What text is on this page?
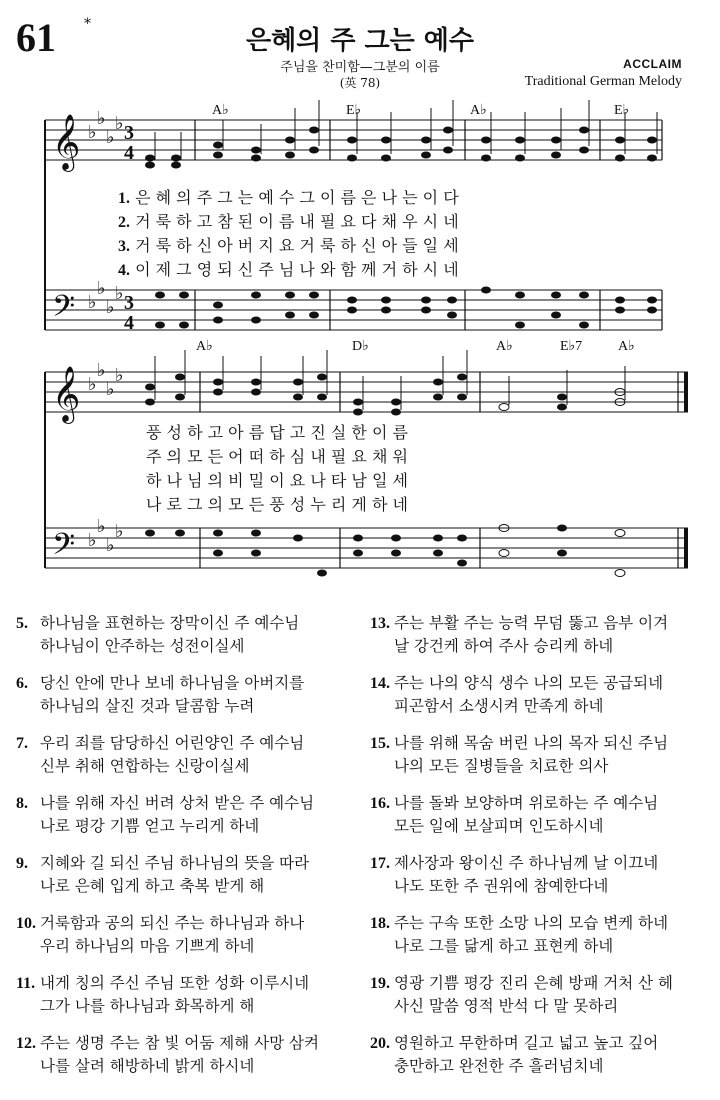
61 *
은혜의 주 그는 예수
주님을 찬미함—그분의 이름
(英 78)
ACCLAIM
Traditional German Melody
𝄞
𝄢
𝄞
𝄢
♭
♭
♭
♭
♭
♭
♭
♭
♭
♭
♭
♭
♭
♭
♭
♭
3
4
3
4
A♭	E♭	A♭	E♭
A♭	D♭	A♭	E♭7	A♭
1. 은 혜 의 주 그 는 예 수 그 이 름 은 나 는 이 다
2. 거 룩 하 고 참 된 이 름 내 필 요 다 채 우 시 네
3. 거 룩 하 신 아 버 지 요 거 룩 하 신 아 들 일 세
4. 이 제 그 영 되 신 주 님 나 와 함 께 거 하 시 네
풍 성 하 고 아 름 답 고 진 실 한 이 름
주 의 모 든 어 떠 하 심 내 필 요 채 워
하 나 님 의 비 밀 이 요 나 타 남 일 세
나 로 그 의 모 든 풍 성 누 리 게 하 네
5. 하나님을 표현하는 장막이신 주 예수님
하나님이 안주하는 성전이실세
13. 주는 부활 주는 능력 무덤 뚫고 음부 이겨
날 강건케 하여 주사 승리케 하네
6. 당신 안에 만나 보네 하나님을 아버지를
하나님의 살진 것과 달콤함 누려
14. 주는 나의 양식 생수 나의 모든 공급되네
피곤함서 소생시켜 만족게 하네
7. 우리 죄를 담당하신 어린양인 주 예수님
신부 취해 연합하는 신랑이실세
15. 나를 위해 목숨 버린 나의 목자 되신 주님
나의 모든 질병들을 치료한 의사
8. 나를 위해 자신 버려 상처 받은 주 예수님
나로 평강 기쁨 얻고 누리게 하네
16. 나를 돌봐 보양하며 위로하는 주 예수님
모든 일에 보살피며 인도하시네
9. 지혜와 길 되신 주님 하나님의 뜻을 따라
나로 은혜 입게 하고 축복 받게 해
17. 제사장과 왕이신 주 하나님께 날 이끄네
나도 또한 주 권위에 참예한다네
10. 거룩함과 공의 되신 주는 하나님과 하나
우리 하나님의 마음 기쁘게 하네
18. 주는 구속 또한 소망 나의 모습 변케 하네
나로 그를 닮게 하고 표현케 하네
11. 내게 칭의 주신 주님 또한 성화 이루시네
그가 나를 하나님과 화목하게 해
19. 영광 기쁨 평강 진리 은혜 방패 거처 산 헤
사신 말씀 영적 반석 다 말 못하리
12. 주는 생명 주는 참 빛 어둠 제해 사망 삼켜
나를 살려 해방하네 밝게 하시네
20. 영원하고 무한하며 길고 넓고 높고 깊어
충만하고 완전한 주 흘러넘치네
